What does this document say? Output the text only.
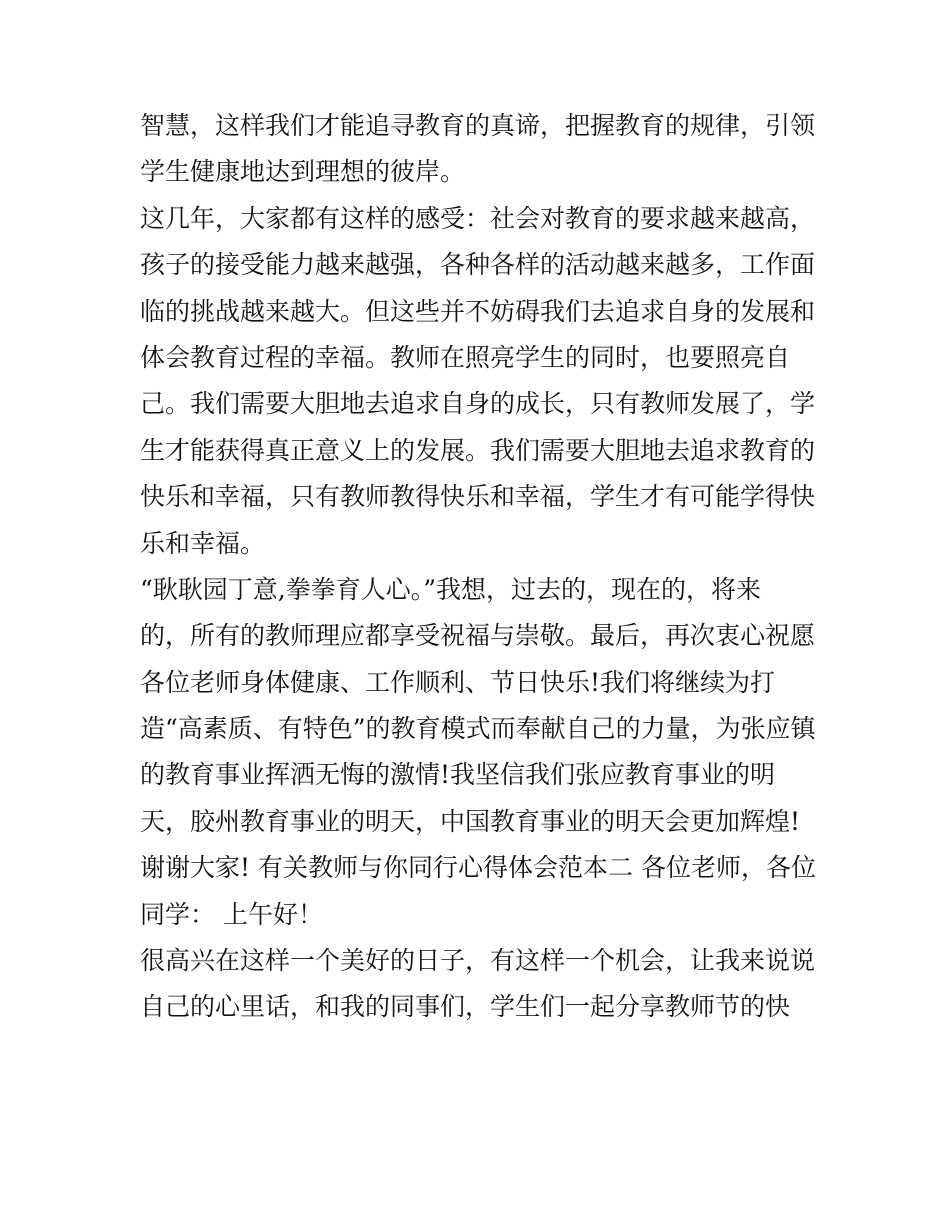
智慧，这样我们才能追寻教育的真谛，把握教育的规律，引领
学生健康地达到理想的彼岸。
这几年，大家都有这样的感受：社会对教育的要求越来越高，
孩子的接受能力越来越强，各种各样的活动越来越多，工作面
临的挑战越来越大。但这些并不妨碍我们去追求自身的发展和
体会教育过程的幸福。教师在照亮学生的同时，也要照亮自
己。我们需要大胆地去追求自身的成长，只有教师发展了，学
生才能获得真正意义上的发展。我们需要大胆地去追求教育的
快乐和幸福，只有教师教得快乐和幸福，学生才有可能学得快
乐和幸福。
“耿耿园丁意,拳拳育人心。”我想，过去的，现在的，将来
的，所有的教师理应都享受祝福与崇敬。最后，再次衷心祝愿
各位老师身体健康、工作顺利、节日快乐!我们将继续为打
造“高素质、有特色”的教育模式而奉献自己的力量，为张应镇
的教育事业挥洒无悔的激情!我坚信我们张应教育事业的明
天，胶州教育事业的明天，中国教育事业的明天会更加辉煌!
谢谢大家! 有关教师与你同行心得体会范本二 各位老师，各位
同学： 上午好！
很高兴在这样一个美好的日子，有这样一个机会，让我来说说
自己的心里话，和我的同事们，学生们一起分享教师节的快
